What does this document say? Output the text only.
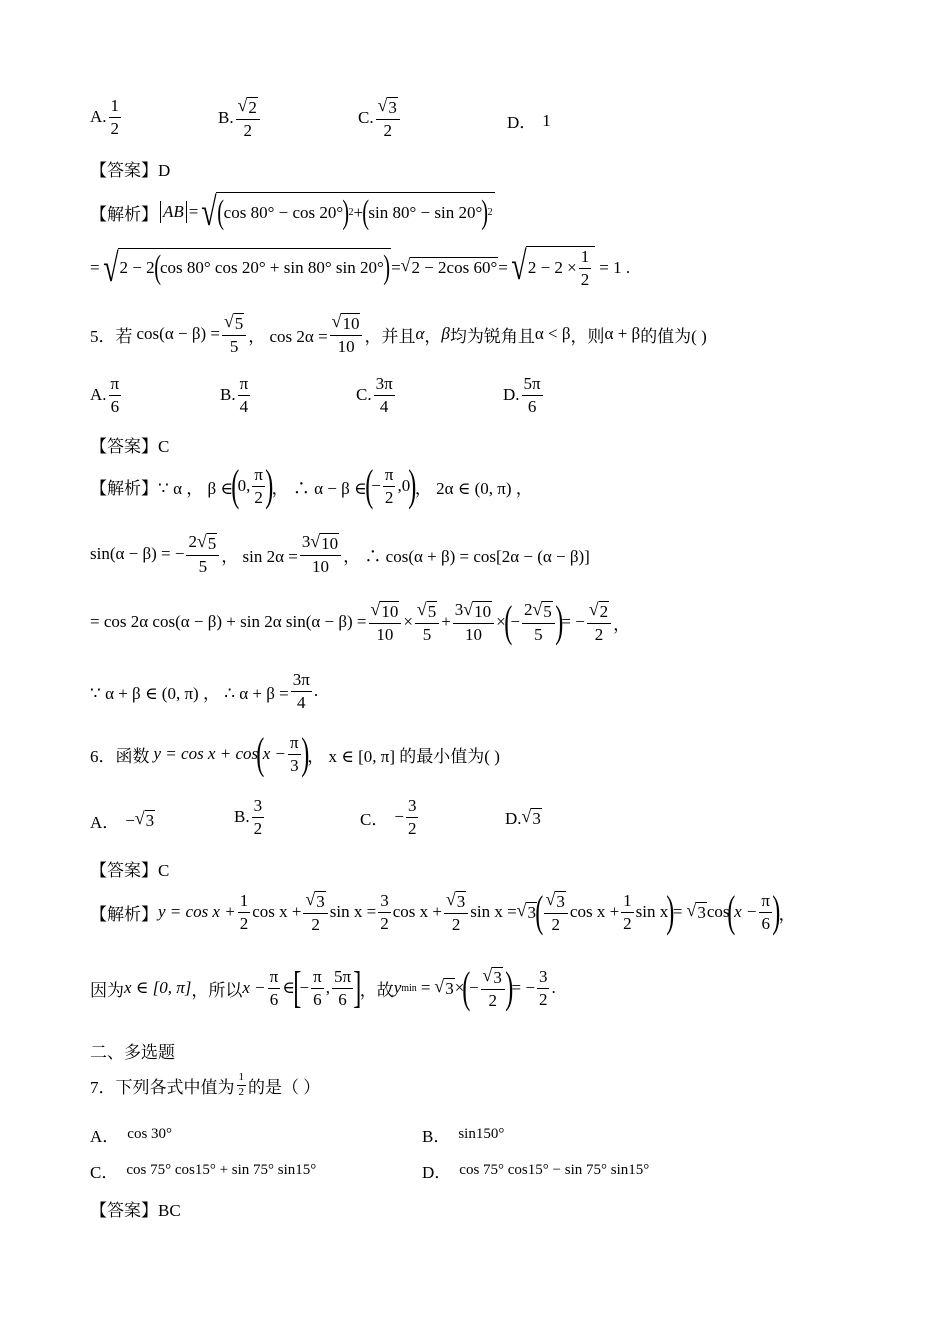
A. $\frac{1}{2}$	B. $\frac{√ 2}{2}$	C. $\frac{√ 3}{2}$	D． 1
【答案】D
【解析】 AB = √ ( cos 80° − cos 20° ) 2 + ( sin 80° − sin 20° ) 2
= √ 2 − 2 ( cos 80° cos 20° + sin 80° sin 20° ) = √ 2 − 2cos 60° = √ $2 - 2 \times \frac{1}{2} = 1$ .
5．若 $\cos(\alpha - \beta) = \frac{√ 5}{5}$ ， $\cos 2\alpha = \frac{√ 10}{10}$ ，并且 α ， β 均为锐角且 α < β ，则 α + β 的值为( )
A. $\frac{\pi}{6}$	B. $\frac{\pi}{4}$	C. $\frac{3\pi}{4}$	D. $\frac{5\pi}{6}$
【答案】C
【解析】 ∵ α ， β ∈
(
0, $\frac{\pi}{2}$ )
， ∴ α − β ∈
(
− $\frac{\pi}{2} ,0$
)
， 2α ∈ (0, π) ，
sin(α − β) = − $\frac{2 √ 5}{5}$ ， $\sin 2\alpha = \frac{3 √ 10}{10}$ ， ∴ cos(α + β) = cos[2α − (α − β)]
= cos 2α cos(α − β) + sin 2α $\sin(\alpha - \beta) = \frac{√ 10}{10} \times \frac{√ 5}{5} + \frac{3 √ 10}{10}$ ×
(
− $\frac{2 √ 5}{5}$ )
= − $\frac{√ 2}{2}$ ，
∵ α + β ∈ (0, π) ， ∴ $\alpha + \beta = \frac{3\pi}{4}$ .
6．函数 y = cos x + cos
(
$x - \frac{\pi}{3}$ )
， x ∈ [0, π] 的最小值为( )
A． − √ 3	B. $\frac{3}{2}$	C． − $\frac{3}{2}$	D. √ 3
【答案】C
【解析】 $y = \cos x + \frac{1}{2}$ $\cos x + \frac{√ 3}{2}$ $\sin x = \frac{3}{2}$ $\cos x + \frac{√ 3}{2}$ sin x = √ 3 ( $\frac{√ 3}{2}$ $\cos x + \frac{1}{2}$ sin x
)
= √ 3 cos
(
$x - \frac{\pi}{6}$ )
，
因为 x ∈ [0, π] ，所以 $x - \frac{\pi}{6}$ ∈
[
− $\frac{\pi}{6}$ , $\frac{5\pi}{6}$ ]
，故 y min = √ 3 ×
(
− $\frac{√ 3}{2}$ )
= − $\frac{3}{2}$ .
二、多选题
7．下列各式中值为 $\frac{1}{2}$ 的是（ ）
A． cos 30°	B． sin150°
C． cos 75° cos15° + sin 75° sin15°	D． cos 75° cos15° − sin 75° sin15°
【答案】BC
